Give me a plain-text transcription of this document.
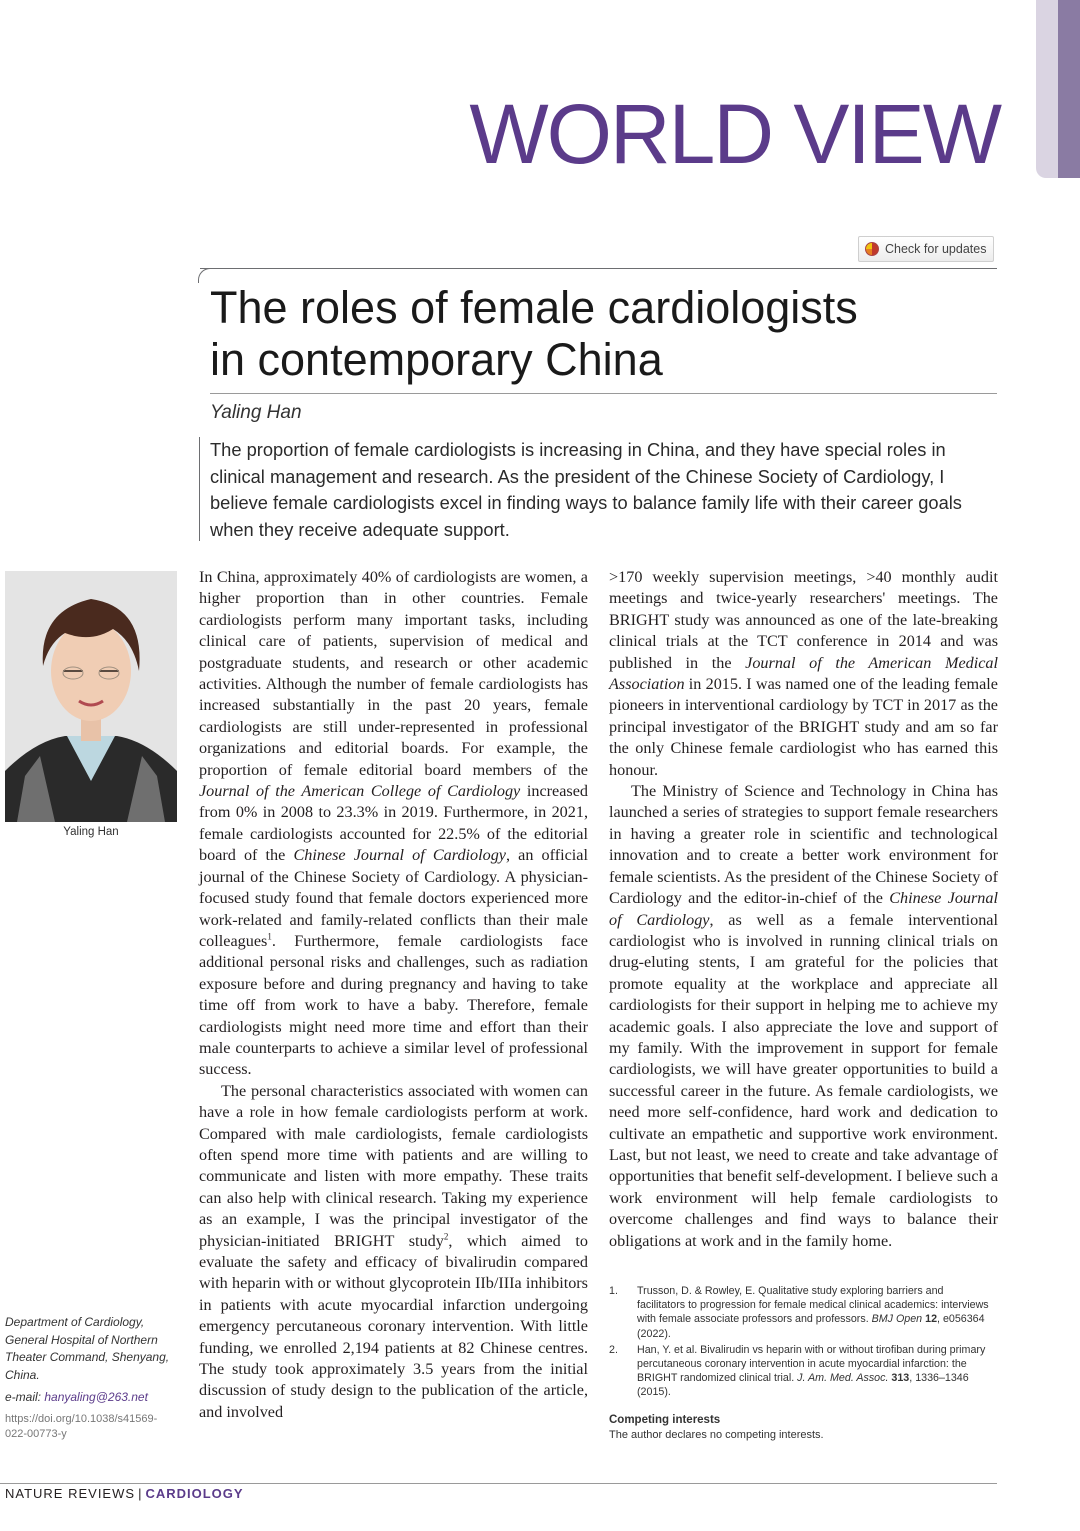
WORLD VIEW
Check for updates
The roles of female cardiologists
in contemporary China
Yaling Han

The proportion of female cardiologists is increasing in China, and they have special roles in clinical management and research. As the president of the Chinese Society of Cardiology, I believe female cardiologists excel in finding ways to balance family life with their career goals when they receive adequate support.

Yaling Han

In China, approximately 40% of cardiologists are women, a higher proportion than in other countries. Female cardiologists perform many important tasks, including clinical care of patients, supervision of medical and postgraduate students, and research or other academic activities. Although the number of female cardiologists has increased substantially in the past 20 years, female cardiologists are still under-represented in professional organizations and editorial boards. For example, the proportion of female editorial board members of the Journal of the American College of Cardiology increased from 0% in 2008 to 23.3% in 2019. Furthermore, in 2021, female cardiologists accounted for 22.5% of the editorial board of the Chinese Journal of Cardiology, an official journal of the Chinese Society of Cardiology. A physician-focused study found that female doctors experienced more work-related and family-related conflicts than their male colleagues$^1$. Furthermore, female cardiologists face additional personal risks and challenges, such as radiation exposure before and during pregnancy and having to take time off from work to have a baby. Therefore, female cardiologists might need more time and effort than their male counterparts to achieve a similar level of professional success.

The personal characteristics associated with women can have a role in how female cardiologists perform at work. Compared with male cardiologists, female cardiologists often spend more time with patients and are willing to communicate and listen with more empathy. These traits can also help with clinical research. Taking my experience as an example, I was the principal investigator of the physician-initiated BRIGHT study$^2$, which aimed to evaluate the safety and efficacy of bivalirudin compared with heparin with or without glycoprotein IIb/IIIa inhibitors in patients with acute myocardial infarction undergoing emergency percutaneous coronary intervention. With little funding, we enrolled 2,194 patients at 82 Chinese centres. The study took approximately 3.5 years from the initial discussion of study design to the publication of the article, and involved

>170 weekly supervision meetings, >40 monthly audit meetings and twice-yearly researchers' meetings. The BRIGHT study was announced as one of the late-breaking clinical trials at the TCT conference in 2014 and was published in the Journal of the American Medical Association in 2015. I was named one of the leading female pioneers in interventional cardiology by TCT in 2017 as the principal investigator of the BRIGHT study and am so far the only Chinese female cardiologist who has earned this honour.

The Ministry of Science and Technology in China has launched a series of strategies to support female researchers in having a greater role in scientific and technological innovation and to create a better work environment for female scientists. As the president of the Chinese Society of Cardiology and the editor-in-chief of the Chinese Journal of Cardiology, as well as a female interventional cardiologist who is involved in running clinical trials on drug-eluting stents, I am grateful for the policies that promote equality at the workplace and appreciate all cardiologists for their support in helping me to achieve my academic goals. I also appreciate the love and support of my family. With the improvement in support for female cardiologists, we will have greater opportunities to build a successful career in the future. As female cardiologists, we need more self-confidence, hard work and dedication to cultivate an empathetic and supportive work environment. Last, but not least, we need to create and take advantage of opportunities that benefit self-development. I believe such a work environment will help female cardiologists to overcome challenges and find ways to balance their obligations at work and in the family home.

1.	Trusson, D. & Rowley, E. Qualitative study exploring barriers and facilitators to progression for female medical clinical academics: interviews with female associate professors and professors. BMJ Open 12, e056364 (2022).
2.	Han, Y. et al. Bivalirudin vs heparin with or without tirofiban during primary percutaneous coronary intervention in acute myocardial infarction: the BRIGHT randomized clinical trial. J. Am. Med. Assoc. 313, 1336–1346 (2015).
Competing interests
The author declares no competing interests.
Department of Cardiology, General Hospital of Northern Theater Command, Shenyang, China.
e-mail: hanyaling@263.net
https://doi.org/10.1038/s41569-022-00773-y
NATURE REVIEWS | CARDIOLOGY
